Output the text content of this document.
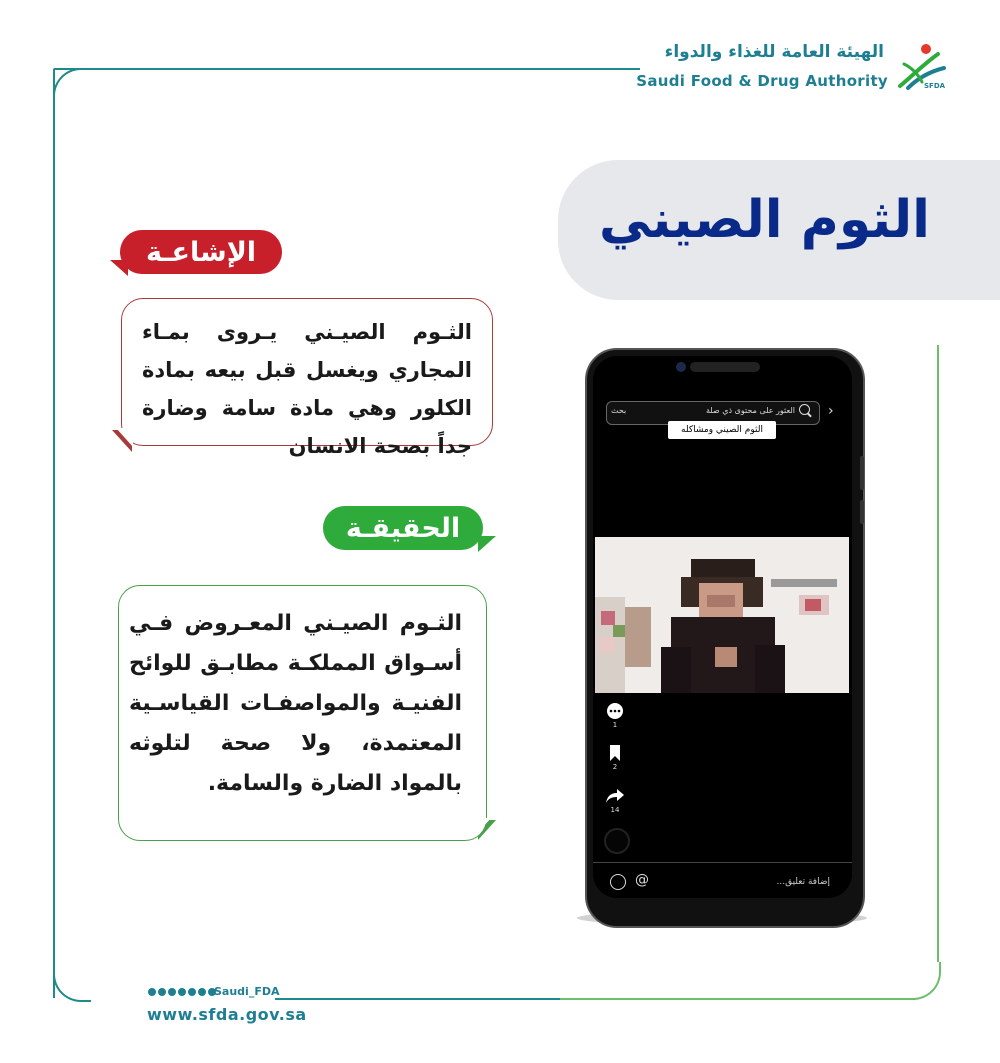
الهيئة العامة للغذاء والدواء
Saudi Food & Drug Authority	SFDA
الثوم الصيني
الإشاعـة
الثـوم الصيـني يـروى بمـاء المجاري ويغسل قبل بيعه بمادة الكلور وهي مادة سامة وضارة جداً بصحة الانسان
الحقيقـة
الثـوم الصيـني المعـروض فـي أسـواق المملكـة مطابـق للوائح الفنيـة والمواصفـات القياسـية المعتمدة، ولا صحة لتلوثه بالمواد الضارة والسامة.
العثور على محتوى ذي صلة
بحث	›
الثوم الصيني ومشاكله
1
2
14
إضافة تعليق...
@
Saudi_FDA
www.sfda.gov.sa
